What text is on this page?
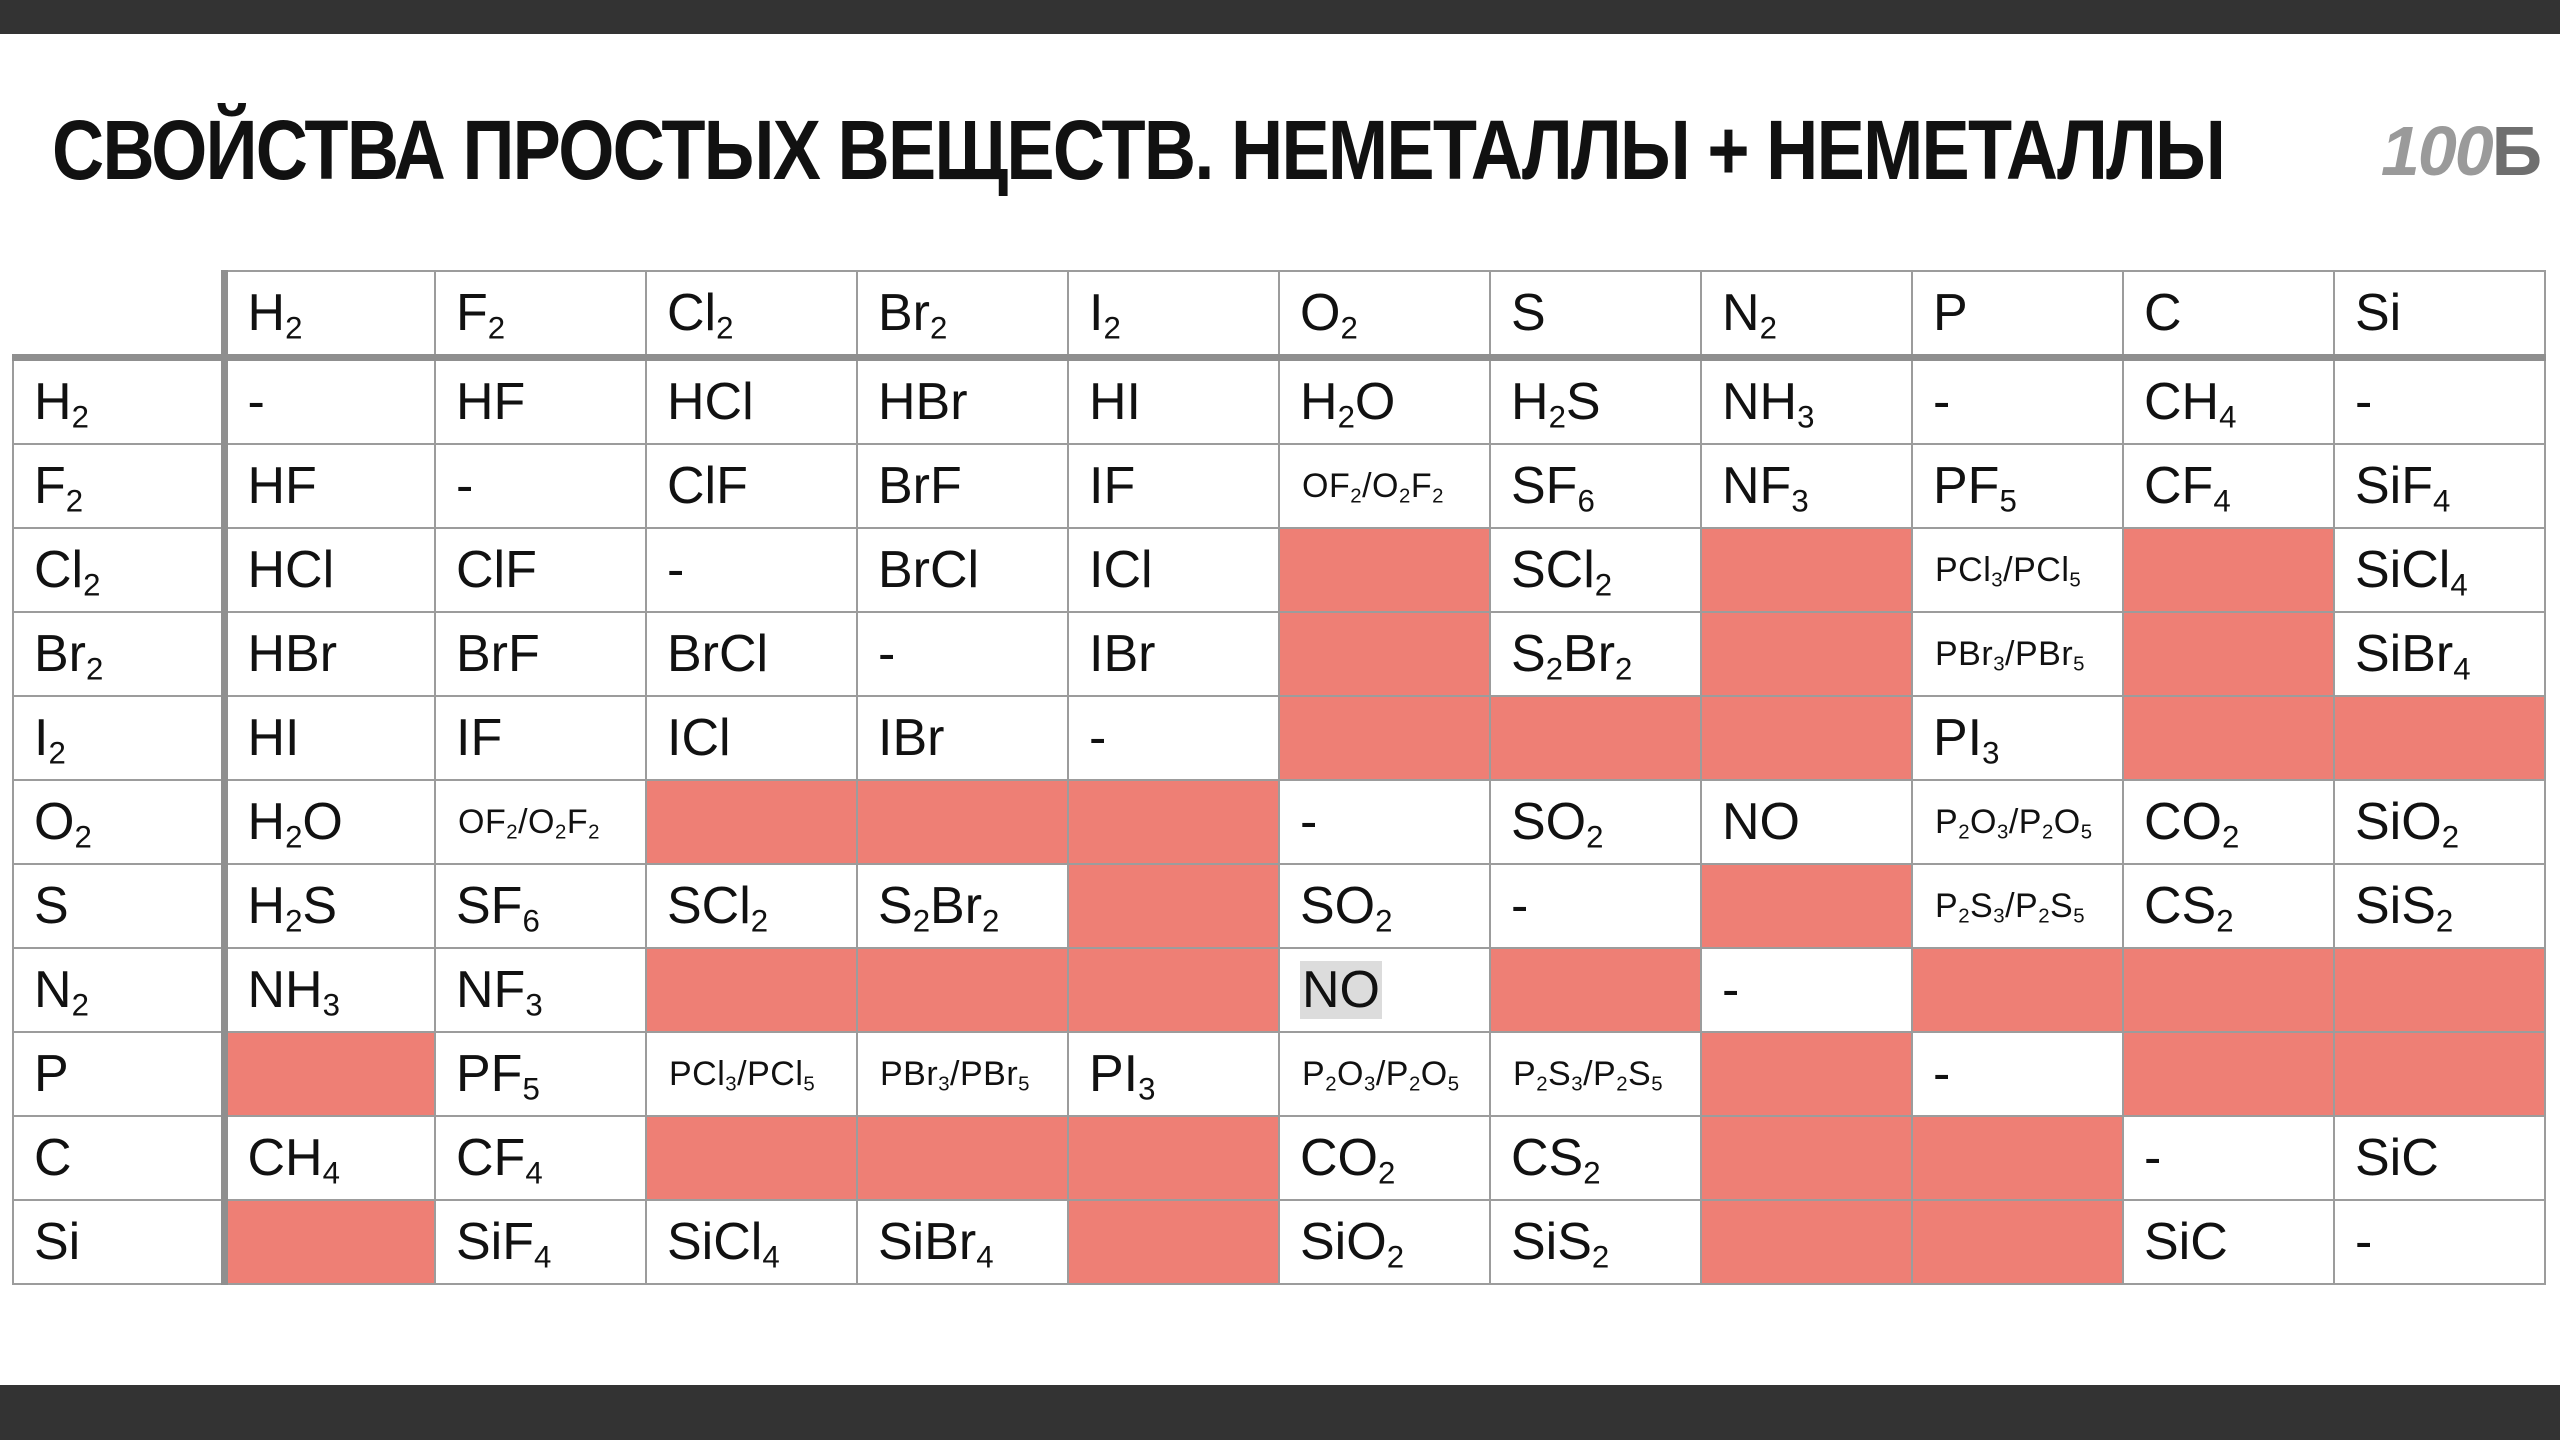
СВОЙСТВА ПРОСТЫХ ВЕЩЕСТВ. НЕМЕТАЛЛЫ + НЕМЕТАЛЛЫ 100Б
	$H_2$	$F_2$	$Cl_2$	$Br_2$	$I_2$	$O_2$	S	$N_2$	P	C	Si
$H_2$	-	HF	HCl	HBr	HI	$H_2O$	$H_2S$	$NH_3$	-	$CH_4$	-
$F_2$	HF	-	ClF	BrF	IF	$OF_2/O_2F_2$	$SF_6$	$NF_3$	$PF_5$	$CF_4$	SiF$_4$
$Cl_2$	HCl	ClF	-	BrCl	ICl		SCl$_2$		PCl$_3$/PCl$_5$		SiCl$_4$
$Br_2$	HBr	BrF	BrCl	-	IBr		$S_2Br_2$		PBr$_3$/PBr$_5$		SiBr$_4$
$I_2$	HI	IF	ICl	IBr	-				$PI_3$		
$O_2$	$H_2O$	$OF_2/O_2F_2$				-	$SO_2$	NO	$P_2O_3/P_2O_5$	$CO_2$	SiO$_2$
S	$H_2S$	$SF_6$	SCl$_2$	$S_2Br_2$		$SO_2$	-		$P_2S_3/P_2S_5$	$CS_2$	SiS$_2$
$N_2$	$NH_3$	$NF_3$				NO		-			
P		$PF_5$	PCl$_3$/PCl$_5$	PBr$_3$/PBr$_5$	$PI_3$	$P_2O_3/P_2O_5$	$P_2S_3/P_2S_5$		-		
C	$CH_4$	$CF_4$				$CO_2$	$CS_2$			-	SiC
Si		SiF$_4$	SiCl$_4$	SiBr$_4$		SiO$_2$	SiS$_2$			SiC	-
